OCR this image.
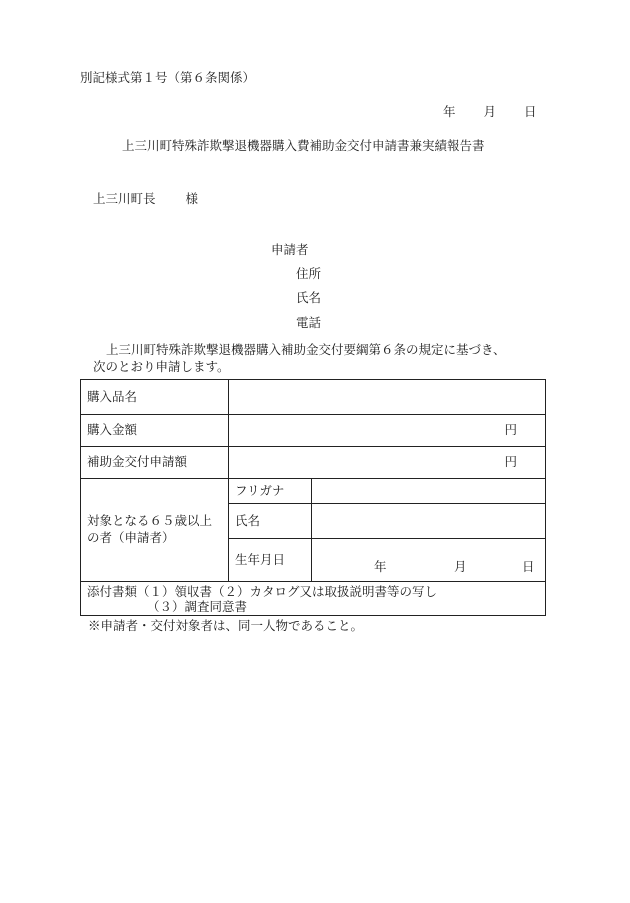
別記様式第１号（第６条関係）
年 月 日
上三川町特殊詐欺撃退機器購入費補助金交付申請書兼実績報告書
上三川町長 様
申請者
住所
氏名
電話
上三川町特殊詐欺撃退機器購入補助金交付要綱第６条の規定に基づき、
次のとおり申請します。
購入品名		
購入金額	円	
補助金交付申請額	円	
対象となる６５歳以上の者（申請者）	フリガナ	
	氏名	
	生年月日	年 月 日

添付書類（１）領収書（２）カタログ又は取扱説明書等の写し
（３）調査同意書		
※申請者・交付対象者は、同一人物であること。
